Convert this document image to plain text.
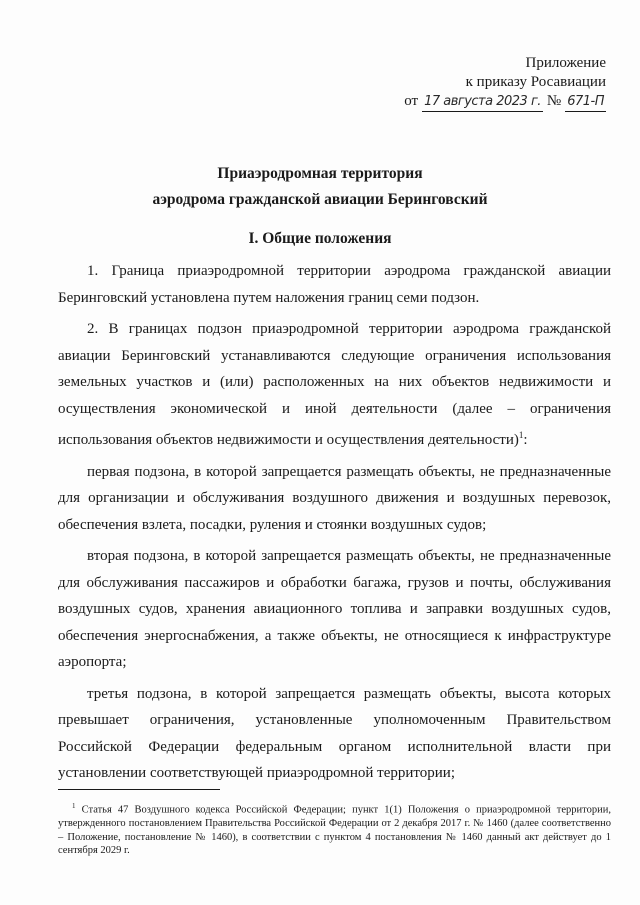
Приложение
к приказу Росавиации
от 17 августа 2023 г. № 671-П
Приаэродромная территория
аэродрома гражданской авиации Беринговский
I. Общие положения

1. Граница приаэродромной территории аэродрома гражданской авиации Беринговский установлена путем наложения границ семи подзон.

2. В границах подзон приаэродромной территории аэродрома гражданской авиации Беринговский устанавливаются следующие ограничения использования земельных участков и (или) расположенных на них объектов недвижимости и осуществления экономической и иной деятельности (далее – ограничения использования объектов недвижимости и осуществления деятельности)$^1$:

первая подзона, в которой запрещается размещать объекты, не предназначенные для организации и обслуживания воздушного движения и воздушных перевозок, обеспечения взлета, посадки, руления и стоянки воздушных судов;

вторая подзона, в которой запрещается размещать объекты, не предназначенные для обслуживания пассажиров и обработки багажа, грузов и почты, обслуживания воздушных судов, хранения авиационного топлива и заправки воздушных судов, обеспечения энергоснабжения, а также объекты, не относящиеся к инфраструктуре аэропорта;

третья подзона, в которой запрещается размещать объекты, высота которых превышает ограничения, установленные уполномоченным Правительством Российской Федерации федеральным органом исполнительной власти при установлении соответствующей приаэродромной территории;

$^1$ Статья 47 Воздушного кодекса Российской Федерации; пункт 1(1) Положения о приаэродромной территории, утвержденного постановлением Правительства Российской Федерации от 2 декабря 2017 г. № 1460 (далее соответственно – Положение, постановление № 1460), в соответствии с пунктом 4 постановления № 1460 данный акт действует до 1 сентября 2029 г.
